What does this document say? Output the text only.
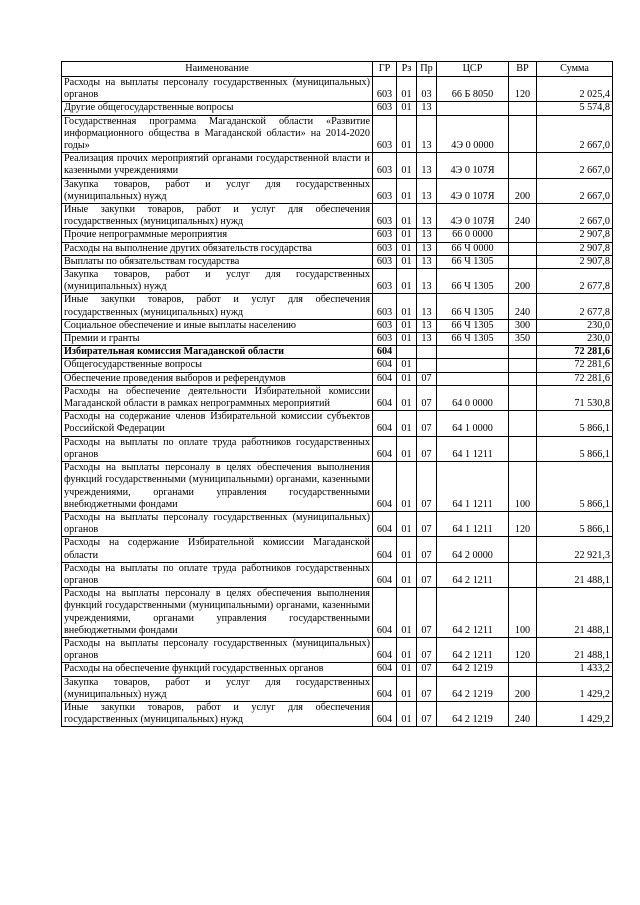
Наименование	ГР	Рз	Пр	ЦСР	ВР	Сумма
Расходы на выплаты персоналу государственных (муниципальных) органов	603	01	03	66 Б 8050	120	2 025,4
Другие общегосударственные вопросы	603	01	13			5 574,8
Государственная программа Магаданской области «Развитие информационного общества в Магаданской области» на 2014-2020 годы»	603	01	13	4Э 0 0000		2 667,0
Реализация прочих мероприятий органами государственной власти и казенными учреждениями	603	01	13	4Э 0 107Я		2 667,0
Закупка товаров, работ и услуг для государственных (муниципальных) нужд	603	01	13	4Э 0 107Я	200	2 667,0
Иные закупки товаров, работ и услуг для обеспечения государственных (муниципальных) нужд	603	01	13	4Э 0 107Я	240	2 667,0
Прочие непрограммные мероприятия	603	01	13	66 0 0000		2 907,8
Расходы на выполнение других обязательств государства	603	01	13	66 Ч 0000		2 907,8
Выплаты по обязательствам государства	603	01	13	66 Ч 1305		2 907,8
Закупка товаров, работ и услуг для государственных (муниципальных) нужд	603	01	13	66 Ч 1305	200	2 677,8
Иные закупки товаров, работ и услуг для обеспечения государственных (муниципальных) нужд	603	01	13	66 Ч 1305	240	2 677,8
Социальное обеспечение и иные выплаты населению	603	01	13	66 Ч 1305	300	230,0
Премии и гранты	603	01	13	66 Ч 1305	350	230,0
Избирательная комиссия Магаданской области	604					72 281,6
Общегосударственные вопросы	604	01				72 281,6
Обеспечение проведения выборов и референдумов	604	01	07			72 281,6
Расходы на обеспечение деятельности Избирательной комиссии Магаданской области в рамках непрограммных мероприятий	604	01	07	64 0 0000		71 530,8
Расходы на содержание членов Избирательной комиссии субъектов Российской Федерации	604	01	07	64 1 0000		5 866,1
Расходы на выплаты по оплате труда работников государственных органов	604	01	07	64 1 1211		5 866,1
Расходы на выплаты персоналу в целях обеспечения выполнения функций государственными (муниципальными) органами, казенными учреждениями, органами управления государственными внебюджетными фондами	604	01	07	64 1 1211	100	5 866,1
Расходы на выплаты персоналу государственных (муниципальных) органов	604	01	07	64 1 1211	120	5 866,1
Расходы на содержание Избирательной комиссии Магаданской области	604	01	07	64 2 0000		22 921,3
Расходы на выплаты по оплате труда работников государственных органов	604	01	07	64 2 1211		21 488,1
Расходы на выплаты персоналу в целях обеспечения выполнения функций государственными (муниципальными) органами, казенными учреждениями, органами управления государственными внебюджетными фондами	604	01	07	64 2 1211	100	21 488,1
Расходы на выплаты персоналу государственных (муниципальных) органов	604	01	07	64 2 1211	120	21 488,1
Расходы на обеспечение функций государственных органов	604	01	07	64 2 1219		1 433,2
Закупка товаров, работ и услуг для государственных (муниципальных) нужд	604	01	07	64 2 1219	200	1 429,2
Иные закупки товаров, работ и услуг для обеспечения государственных (муниципальных) нужд	604	01	07	64 2 1219	240	1 429,2
